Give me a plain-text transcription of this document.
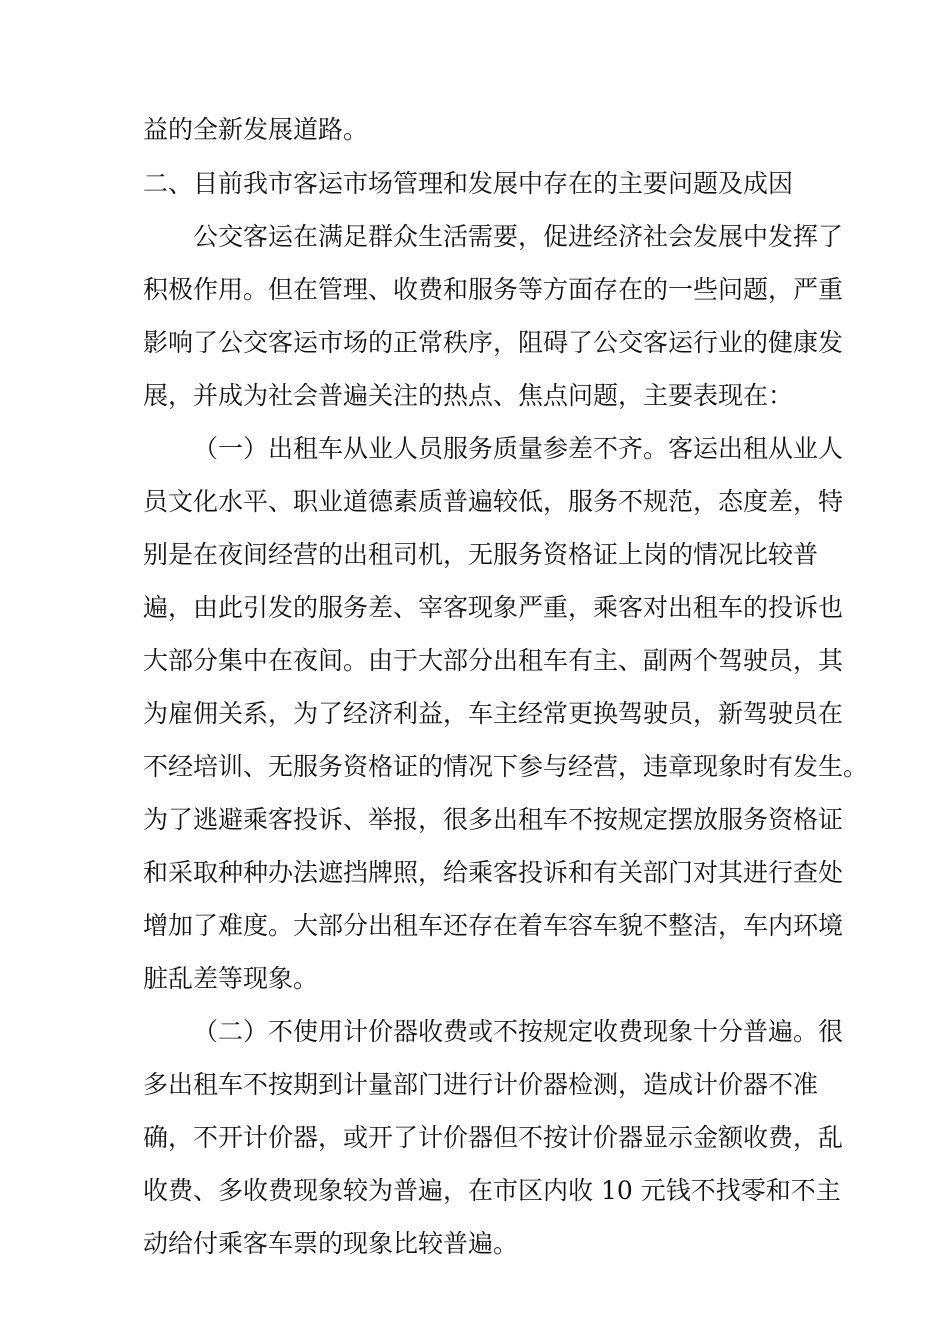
益的全新发展道路。
二、目前我市客运市场管理和发展中存在的主要问题及成因
公交客运在满足群众生活需要，促进经济社会发展中发挥了
积极作用。但在管理、收费和服务等方面存在的一些问题，严重
影响了公交客运市场的正常秩序，阻碍了公交客运行业的健康发
展，并成为社会普遍关注的热点、焦点问题，主要表现在：
（一）出租车从业人员服务质量参差不齐。客运出租从业人
员文化水平、职业道德素质普遍较低，服务不规范，态度差，特
别是在夜间经营的出租司机，无服务资格证上岗的情况比较普
遍，由此引发的服务差、宰客现象严重，乘客对出租车的投诉也
大部分集中在夜间。由于大部分出租车有主、副两个驾驶员，其
为雇佣关系，为了经济利益，车主经常更换驾驶员，新驾驶员在
不经培训、无服务资格证的情况下参与经营，违章现象时有发生。
为了逃避乘客投诉、举报，很多出租车不按规定摆放服务资格证
和采取种种办法遮挡牌照，给乘客投诉和有关部门对其进行查处
增加了难度。大部分出租车还存在着车容车貌不整洁，车内环境
脏乱差等现象。
（二）不使用计价器收费或不按规定收费现象十分普遍。很
多出租车不按期到计量部门进行计价器检测，造成计价器不准
确，不开计价器，或开了计价器但不按计价器显示金额收费，乱
收费、多收费现象较为普遍，在市区内收 10 元钱不找零和不主
动给付乘客车票的现象比较普遍。
